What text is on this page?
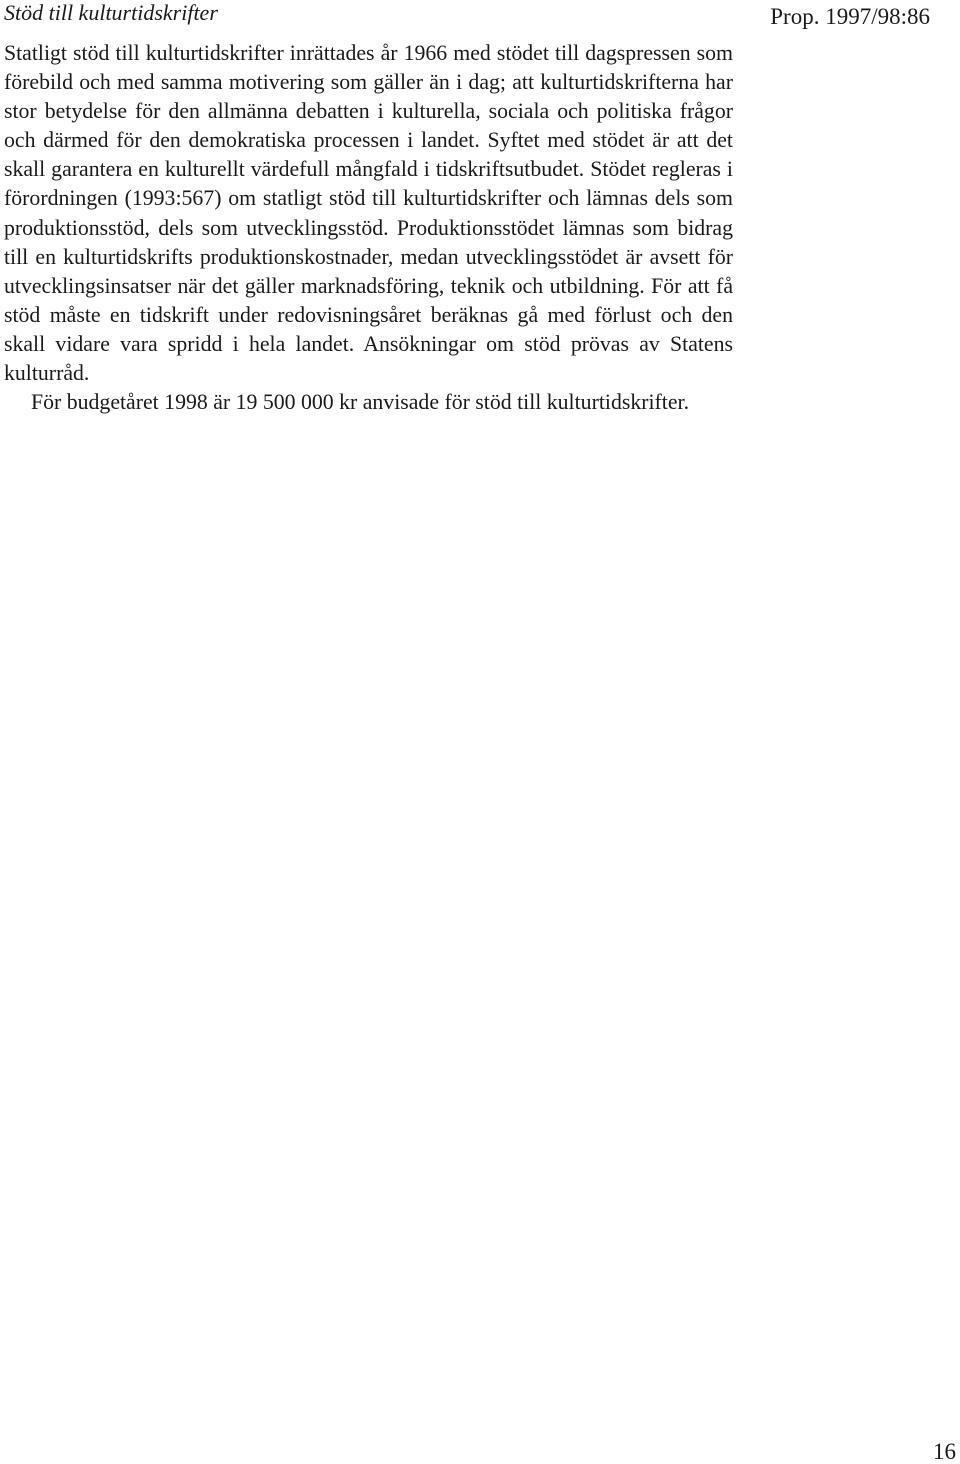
Stöd till kulturtidskrifter	Prop. 1997/98:86

Statligt stöd till kulturtidskrifter inrättades år 1966 med stödet till dagspressen som förebild och med samma motivering som gäller än i dag; att kulturtidskrifterna har stor betydelse för den allmänna debatten i kulturella, sociala och politiska frågor och därmed för den demokratiska processen i landet. Syftet med stödet är att det skall garantera en kulturellt värdefull mångfald i tidskriftsutbudet. Stödet regleras i förordningen (1993:567) om statligt stöd till kulturtidskrifter och lämnas dels som produktionsstöd, dels som utvecklingsstöd. Produktionsstödet lämnas som bidrag till en kulturtidskrifts produktionskostnader, medan utvecklingsstödet är avsett för utvecklingsinsatser när det gäller marknadsföring, teknik och utbildning. För att få stöd måste en tidskrift under redovisningsåret beräknas gå med förlust och den skall vidare vara spridd i hela landet. Ansökningar om stöd prövas av Statens kulturråd.

För budgetåret 1998 är 19 500 000 kr anvisade för stöd till kulturtidskrifter.

16
